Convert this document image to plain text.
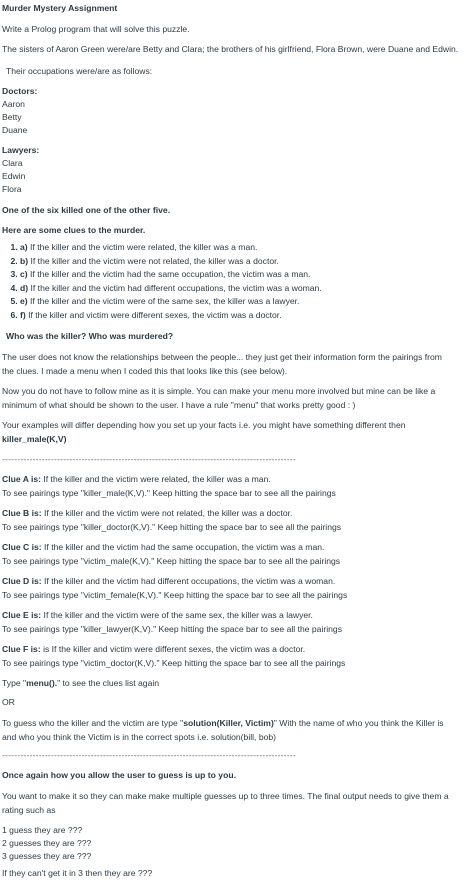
Murder Mystery Assignment
Write a Prolog program that will solve this puzzle.
The sisters of Aaron Green were/are Betty and Clara; the brothers of his girlfriend, Flora Brown, were Duane and Edwin.
Their occupations were/are as follows:
Doctors:
Aaron
Betty
Duane
Lawyers:
Clara
Edwin
Flora
One of the six killed one of the other five.
Here are some clues to the murder.
1. a) If the killer and the victim were related, the killer was a man.
2. b) If the killer and the victim were not related, the killer was a doctor.
3. c) If the killer and the victim had the same occupation, the victim was a man.
4. d) If the killer and the victim had different occupations, the victim was a woman.
5. e) If the killer and the victim were of the same sex, the killer was a lawyer.
6. f) If the killer and victim were different sexes, the victim was a doctor.
Who was the killer? Who was murdered?
The user does not know the relationships between the people... they just get their information form the pairings from
the clues. I made a menu when I coded this that looks like this (see below).
Now you do not have to follow mine as it is simple. You can make your menu more involved but mine can be like a
minimum of what should be shown to the user. I have a rule "menu" that works pretty good : )
Your examples will differ depending how you set up your facts i.e. you might have something different then
killer_male(K,V)
------------------------------------------------------------------------------------------------
Clue A is: If the killer and the victim were related, the killer was a man.
To see pairings type "killer_male(K,V)." Keep hitting the space bar to see all the pairings
Clue B is: If the killer and the victim were not related, the killer was a doctor.
To see pairings type "killer_doctor(K,V)." Keep hitting the space bar to see all the pairings
Clue C is: If the killer and the victim had the same occupation, the victim was a man.
To see pairings type "victim_male(K,V)." Keep hitting the space bar to see all the pairings
Clue D is: If the killer and the victim had different occupations, the victim was a woman.
To see pairings type "victim_female(K,V)." Keep hitting the space bar to see all the pairings
Clue E is: If the killer and the victim were of the same sex, the killer was a lawyer.
To see pairings type "killer_lawyer(K,V)." Keep hitting the space bar to see all the pairings
Clue F is: is If the killer and victim were different sexes, the victim was a doctor.
To see pairings type "victim_doctor(K,V)." Keep hitting the space bar to see all the pairings
Type "menu()." to see the clues list again
OR
To guess who the killer and the victim are type "solution(Killer, Victim)" With the name of who you think the Killer is
and who you think the Victim is in the correct spots i.e. solution(bill, bob)
------------------------------------------------------------------------------------------------
Once again how you allow the user to guess is up to you.
You want to make it so they can make make multiple guesses up to three times. The final output needs to give them a
rating such as
1 guess they are ???
2 guesses they are ???
3 guesses they are ???
If they can't get it in 3 then they are ???
